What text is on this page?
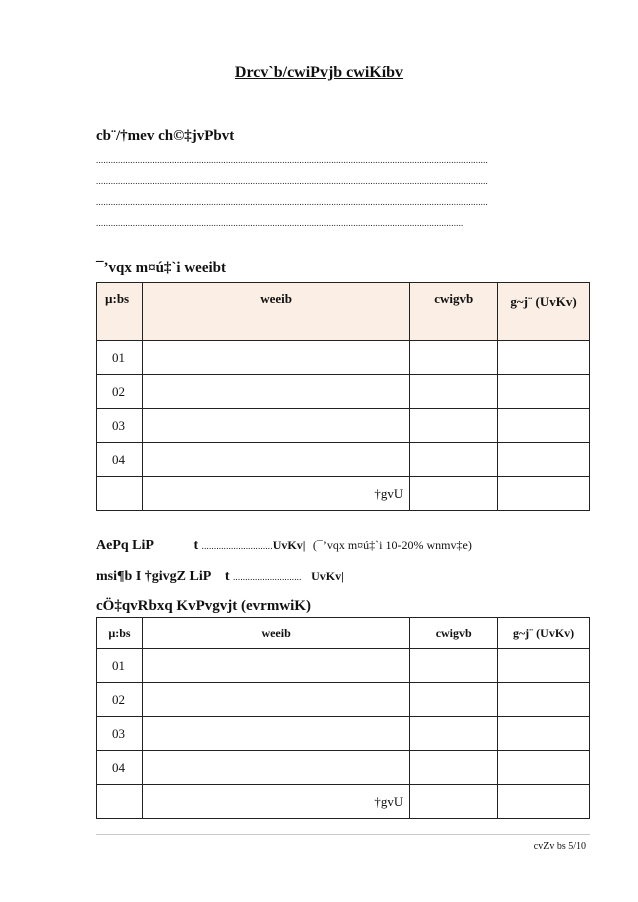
Drcv`b/cwiPvjb cwiKíbv
cb¨/†mev ch©‡jvPbvt
................................................................................................................................................................
................................................................................................................................................................
................................................................................................................................................................
......................................................................................................................................................
¯’vqx m¤ú‡`i weeibt
µ:bs	weeib	cwigvb	g~j¨ (UvKv)
01			
02			
03			
04			
	†gvU		
AePq LiP	t .............................UvKv| (¯’vqx m¤ú‡`i 10-20% wnmv‡e)
msi¶b I †givgZ LiP t ............................ UvKv|
cÖ‡qvRbxq KvPvgvjt (evrmwiK)
µ:bs	weeib	cwigvb	g~j¨ (UvKv)
01			
02			
03			
04			
	†gvU		
cvZv bs 5/10
